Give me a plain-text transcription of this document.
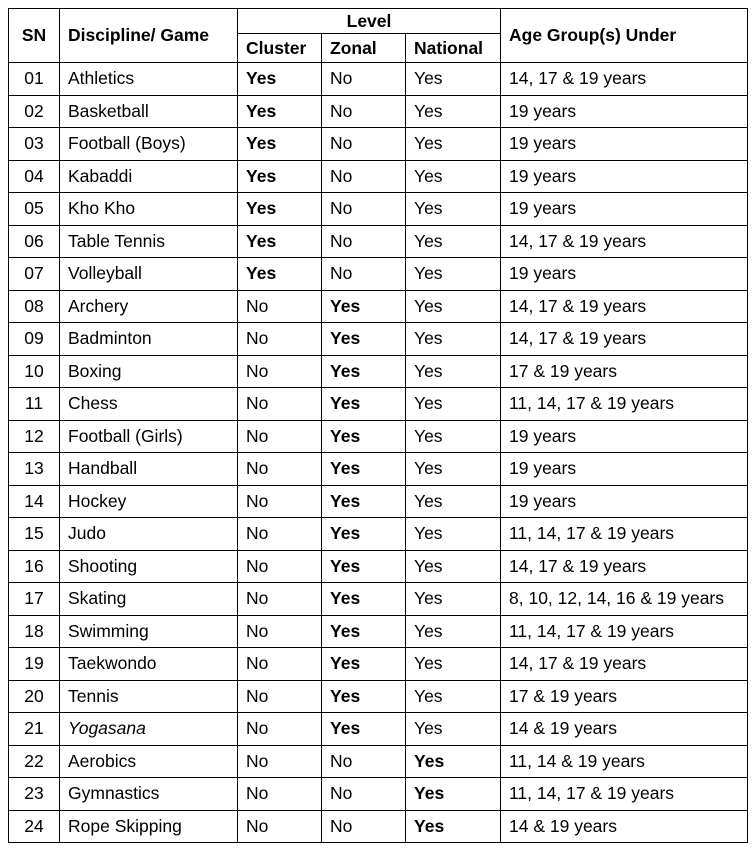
SN	Discipline/ Game	Level			Age Group(s) Under
		Cluster	Zonal	National	
01	Athletics	Yes	No	Yes	14, 17 & 19 years
02	Basketball	Yes	No	Yes	19 years
03	Football (Boys)	Yes	No	Yes	19 years
04	Kabaddi	Yes	No	Yes	19 years
05	Kho Kho	Yes	No	Yes	19 years
06	Table Tennis	Yes	No	Yes	14, 17 & 19 years
07	Volleyball	Yes	No	Yes	19 years
08	Archery	No	Yes	Yes	14, 17 & 19 years
09	Badminton	No	Yes	Yes	14, 17 & 19 years
10	Boxing	No	Yes	Yes	17 & 19 years
11	Chess	No	Yes	Yes	11, 14, 17 & 19 years
12	Football (Girls)	No	Yes	Yes	19 years
13	Handball	No	Yes	Yes	19 years
14	Hockey	No	Yes	Yes	19 years
15	Judo	No	Yes	Yes	11, 14, 17 & 19 years
16	Shooting	No	Yes	Yes	14, 17 & 19 years
17	Skating	No	Yes	Yes	8, 10, 12, 14, 16 & 19 years
18	Swimming	No	Yes	Yes	11, 14, 17 & 19 years
19	Taekwondo	No	Yes	Yes	14, 17 & 19 years
20	Tennis	No	Yes	Yes	17 & 19 years
21	Yogasana	No	Yes	Yes	14 & 19 years
22	Aerobics	No	No	Yes	11, 14 & 19 years
23	Gymnastics	No	No	Yes	11, 14, 17 & 19 years
24	Rope Skipping	No	No	Yes	14 & 19 years
